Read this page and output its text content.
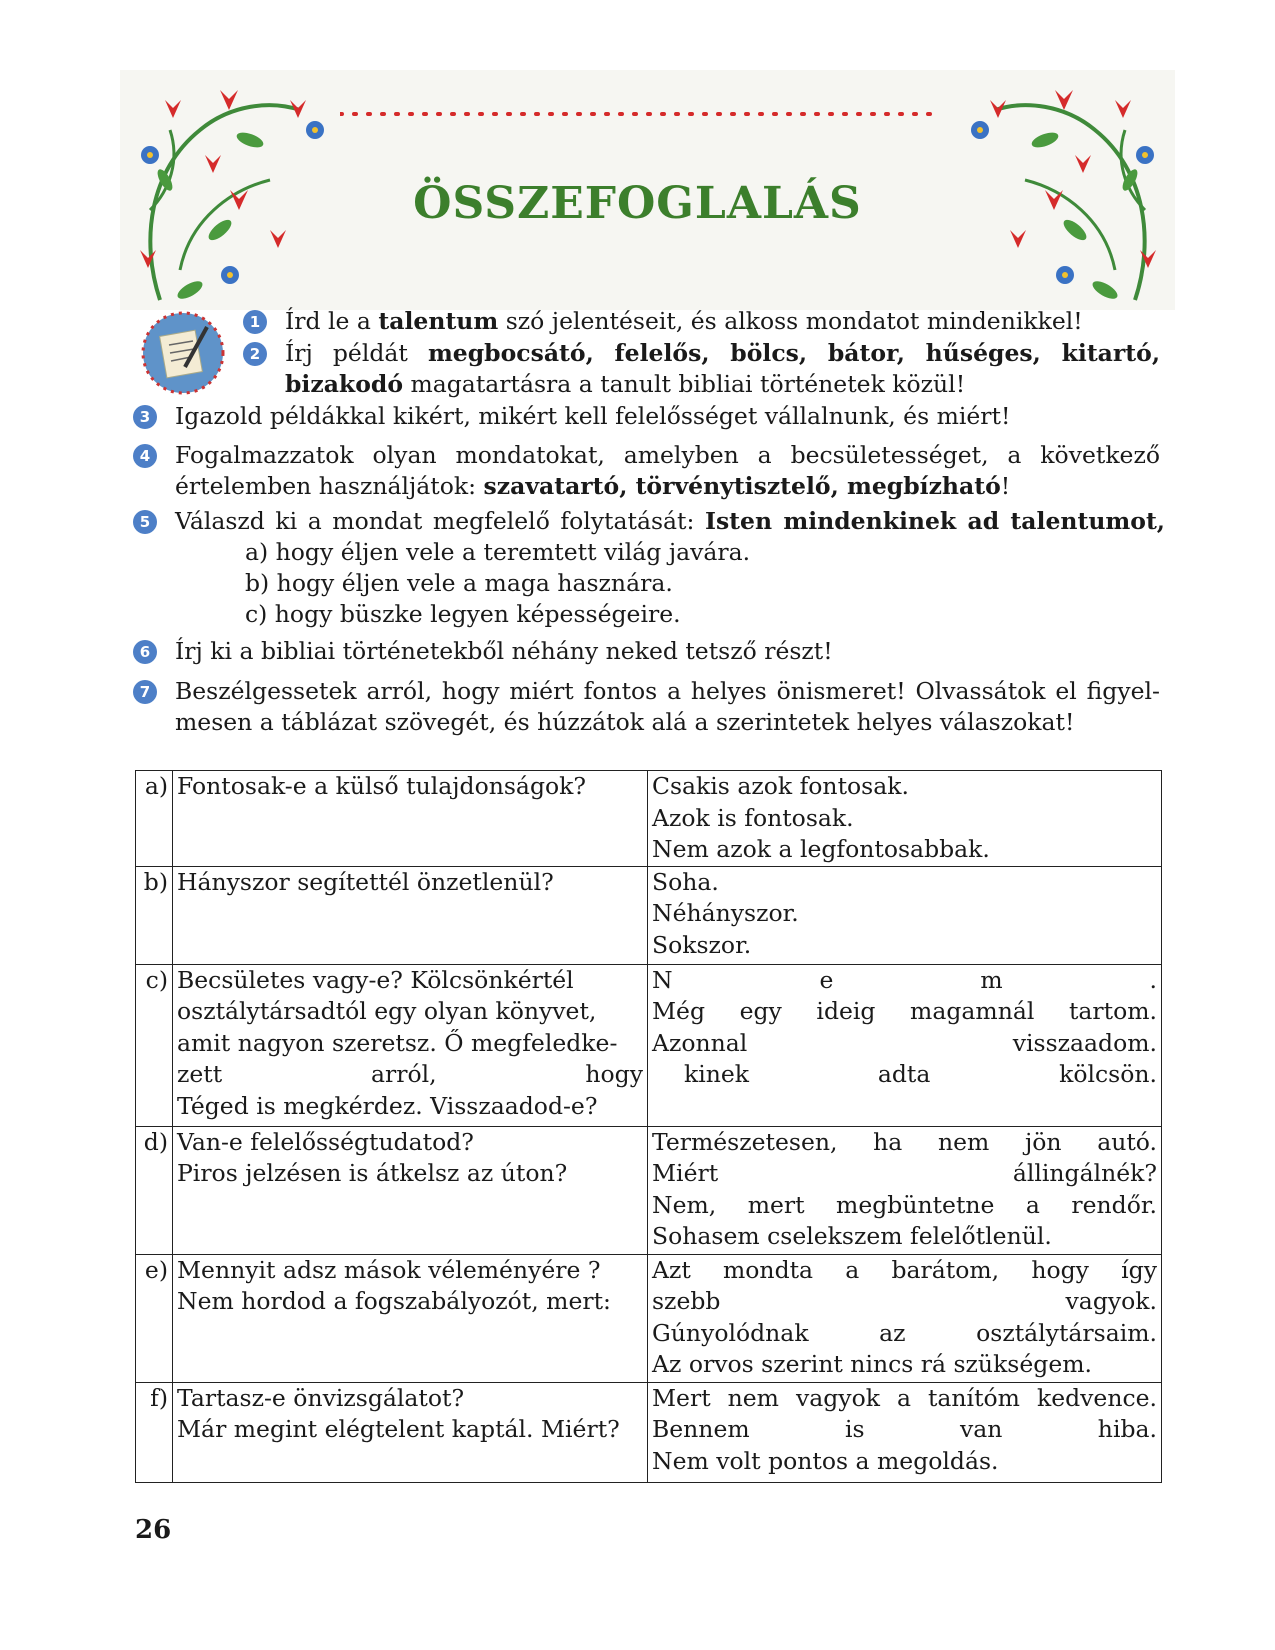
ÖSSZEFOGLALÁS
1 Írd le a talentum szó jelentéseit, és alkoss mondatot mindenikkel!
2 Írj példát megbocsátó, felelős, bölcs, bátor, hűséges, kitartó,
bizakodó magatartásra a tanult bibliai történetek közül!
3 Igazold példákkal kikért, mikért kell felelősséget vállalnunk, és miért!
4 Fogalmazzatok olyan mondatokat, amelyben a becsületességet, a következő
értelemben használjátok: szavatartó, törvénytisztelő, megbízható!
5 Válaszd ki a mondat megfelelő folytatását: Isten mindenkinek ad talentumot,
a) hogy éljen vele a teremtett világ javára.
b) hogy éljen vele a maga hasznára.
c) hogy büszke legyen képességeire.
6 Írj ki a bibliai történetekből néhány neked tetsző részt!
7 Beszélgessetek arról, hogy miért fontos a helyes önismeret! Olvassátok el figyel-
mesen a táblázat szövegét, és húzzátok alá a szerintetek helyes válaszokat!
a)	Fontosak-e a külső tulajdonságok?	Csakis azok fontosak.
Azok is fontosak.
Nem azok a legfontosabbak.

b)	Hányszor segítettél önzetlenül?	Soha.
Néhányszor.
Sokszor.

c)	Becsületes vagy-e? Kölcsönkértél
osztálytársadtól egy olyan könyvet,
amit nagyon szeretsz. Ő megfeledke-
zett arról, hogy
Téged is megkérdez. Visszaadod-e?	N e m .
Még egy ideig magamnál tartom.
Azonnal visszaadom.
kinek adta kölcsön.

d)	Van-e felelősségtudatod?
Piros jelzésen is átkelsz az úton?	Természetesen, ha nem jön autó.
Miért állingálnék?
Nem, mert megbüntetne a rendőr.
Sohasem cselekszem felelőtlenül.

e)	Mennyit adsz mások véleményére ?
Nem hordod a fogszabályozót, mert:	Azt mondta a barátom, hogy így
szebb vagyok.
Gúnyolódnak az osztálytársaim.
Az orvos szerint nincs rá szükségem.

f)	Tartasz-e önvizsgálatot?
Már megint elégtelent kaptál. Miért?	Mert nem vagyok a tanítóm kedvence.
Bennem is van hiba.
Nem volt pontos a megoldás.
26
